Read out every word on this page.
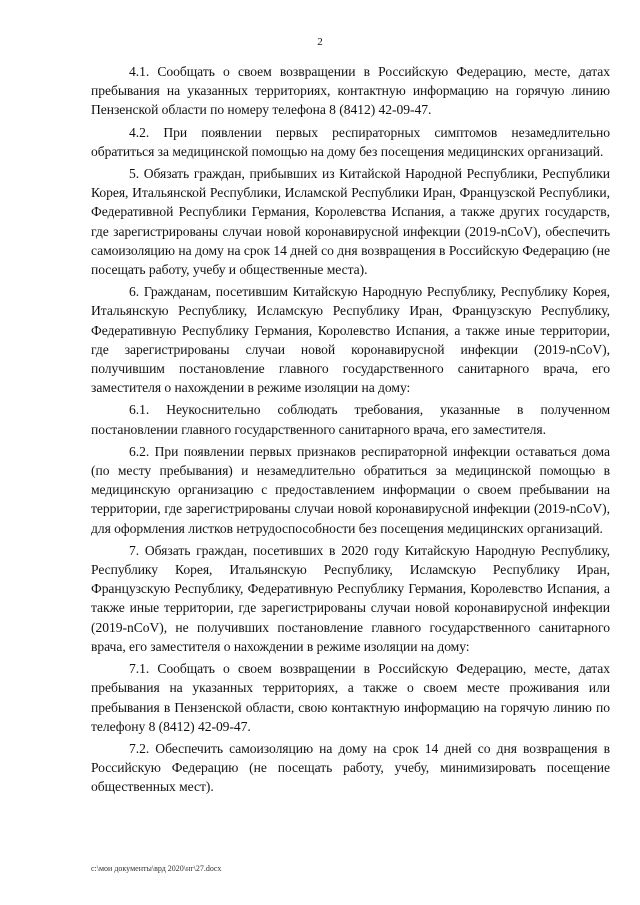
2

4.1. Сообщать о своем возвращении в Российскую Федерацию, месте, датах пребывания на указанных территориях, контактную информацию на горячую линию Пензенской области по номеру телефона 8 (8412) 42-09-47.

4.2. При появлении первых респираторных симптомов незамедлительно обратиться за медицинской помощью на дому без посещения медицинских организаций.

5. Обязать граждан, прибывших из Китайской Народной Республики, Республики Корея, Итальянской Республики, Исламской Республики Иран, Французской Республики, Федеративной Республики Германия, Королевства Испания, а также других государств, где зарегистрированы случаи новой коронавирусной инфекции (2019-nCoV), обеспечить самоизоляцию на дому на срок 14 дней со дня возвращения в Российскую Федерацию (не посещать работу, учебу и общественные места).

6. Гражданам, посетившим Китайскую Народную Республику, Республику Корея, Итальянскую Республику, Исламскую Республику Иран, Французскую Республику, Федеративную Республику Германия, Королевство Испания, а также иные территории, где зарегистрированы случаи новой коронавирусной инфекции (2019-nCoV), получившим постановление главного государственного санитарного врача, его заместителя о нахождении в режиме изоляции на дому:

6.1. Неукоснительно соблюдать требования, указанные в полученном постановлении главного государственного санитарного врача, его заместителя.

6.2. При появлении первых признаков респираторной инфекции оставаться дома (по месту пребывания) и незамедлительно обратиться за медицинской помощью в медицинскую организацию с предоставлением информации о своем пребывании на территории, где зарегистрированы случаи новой коронавирусной инфекции (2019-nCoV), для оформления листков нетрудоспособности без посещения медицинских организаций.

7. Обязать граждан, посетивших в 2020 году Китайскую Народную Республику, Республику Корея, Итальянскую Республику, Исламскую Республику Иран, Французскую Республику, Федеративную Республику Германия, Королевство Испания, а также иные территории, где зарегистрированы случаи новой коронавирусной инфекции (2019-nCoV), не получивших постановление главного государственного санитарного врача, его заместителя о нахождении в режиме изоляции на дому:

7.1. Сообщать о своем возвращении в Российскую Федерацию, месте, датах пребывания на указанных территориях, а также о своем месте проживания или пребывания в Пензенской области, свою контактную информацию на горячую линию по телефону 8 (8412) 42-09-47.

7.2. Обеспечить самоизоляцию на дому на срок 14 дней со дня возвращения в Российскую Федерацию (не посещать работу, учебу, минимизировать посещение общественных мест).

c:\мои документы\врд 2020\нг\27.docx
